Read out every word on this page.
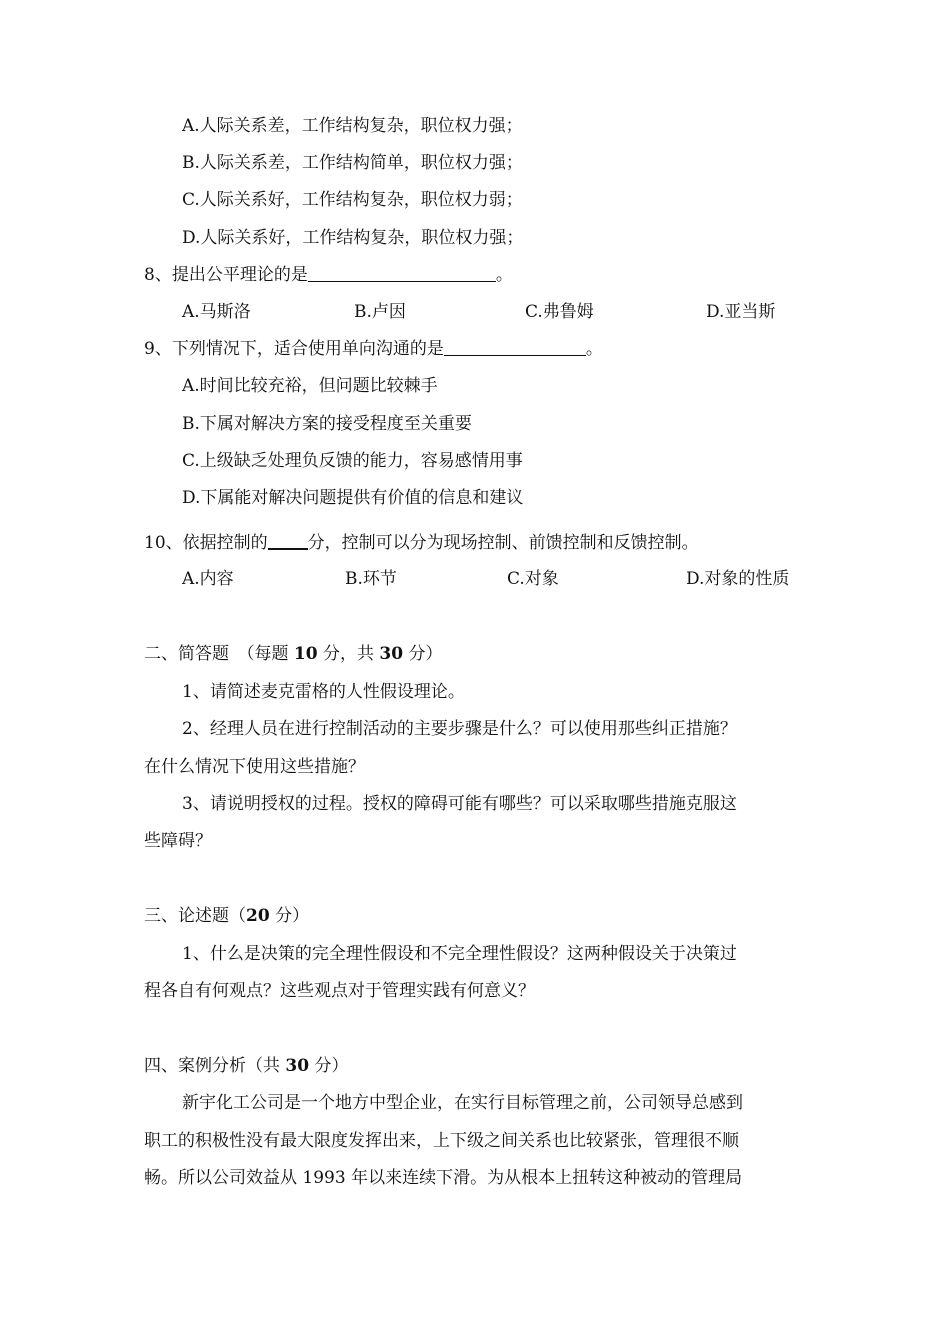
A.人际关系差，工作结构复杂，职位权力强；
B.人际关系差，工作结构简单，职位权力强；
C.人际关系好，工作结构复杂，职位权力弱；
D.人际关系好，工作结构复杂，职位权力强；
8、提出公平理论的是	。
A.马斯洛	B.卢因	C.弗鲁姆	D.亚当斯
9、下列情况下，适合使用单向沟通的是	。
A.时间比较充裕，但问题比较棘手
B.下属对解决方案的接受程度至关重要
C.上级缺乏处理负反馈的能力，容易感情用事
D.下属能对解决问题提供有价值的信息和建议
10、依据控制的 分，控制可以分为现场控制、前馈控制和反馈控制。
A.内容	B.环节	C.对象	D.对象的性质
二、简答题　（每题 10 分，共 30 分）
1、请简述麦克雷格的人性假设理论。
2、经理人员在进行控制活动的主要步骤是什么？可以使用那些纠正措施？
在什么情况下使用这些措施？
3、请说明授权的过程。授权的障碍可能有哪些？可以采取哪些措施克服这
些障碍？
三、论述题（20 分）
1、什么是决策的完全理性假设和不完全理性假设？这两种假设关于决策过
程各自有何观点？这些观点对于管理实践有何意义？
四、案例分析（共 30 分）
新宇化工公司是一个地方中型企业，在实行目标管理之前，公司领导总感到
职工的积极性没有最大限度发挥出来，上下级之间关系也比较紧张，管理很不顺
畅。所以公司效益从 1993 年以来连续下滑。为从根本上扭转这种被动的管理局
